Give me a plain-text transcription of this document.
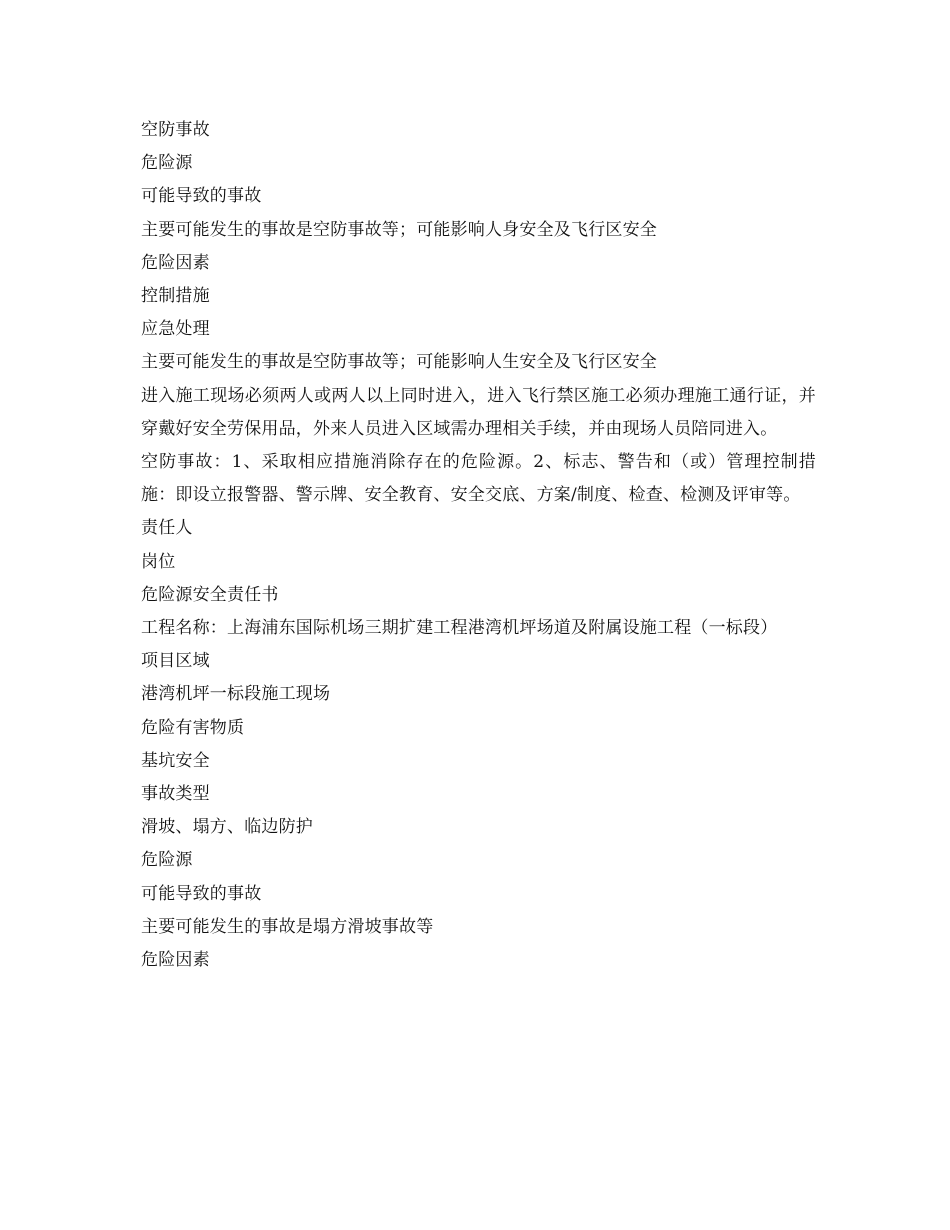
空防事故
危险源
可能导致的事故
主要可能发生的事故是空防事故等；可能影响人身安全及飞行区安全
危险因素
控制措施
应急处理
主要可能发生的事故是空防事故等；可能影响人生安全及飞行区安全
进入施工现场必须两人或两人以上同时进入，进入飞行禁区施工必须办理施工通行证，并穿戴好安全劳保用品，外来人员进入区域需办理相关手续，并由现场人员陪同进入。
空防事故：1、采取相应措施消除存在的危险源。2、标志、警告和（或）管理控制措施：即设立报警器、警示牌、安全教育、安全交底、方案/制度、检查、检测及评审等。
责任人
岗位
危险源安全责任书
工程名称：上海浦东国际机场三期扩建工程港湾机坪场道及附属设施工程（一标段）
项目区域
港湾机坪一标段施工现场
危险有害物质
基坑安全
事故类型
滑坡、塌方、临边防护
危险源
可能导致的事故
主要可能发生的事故是塌方滑坡事故等
危险因素
